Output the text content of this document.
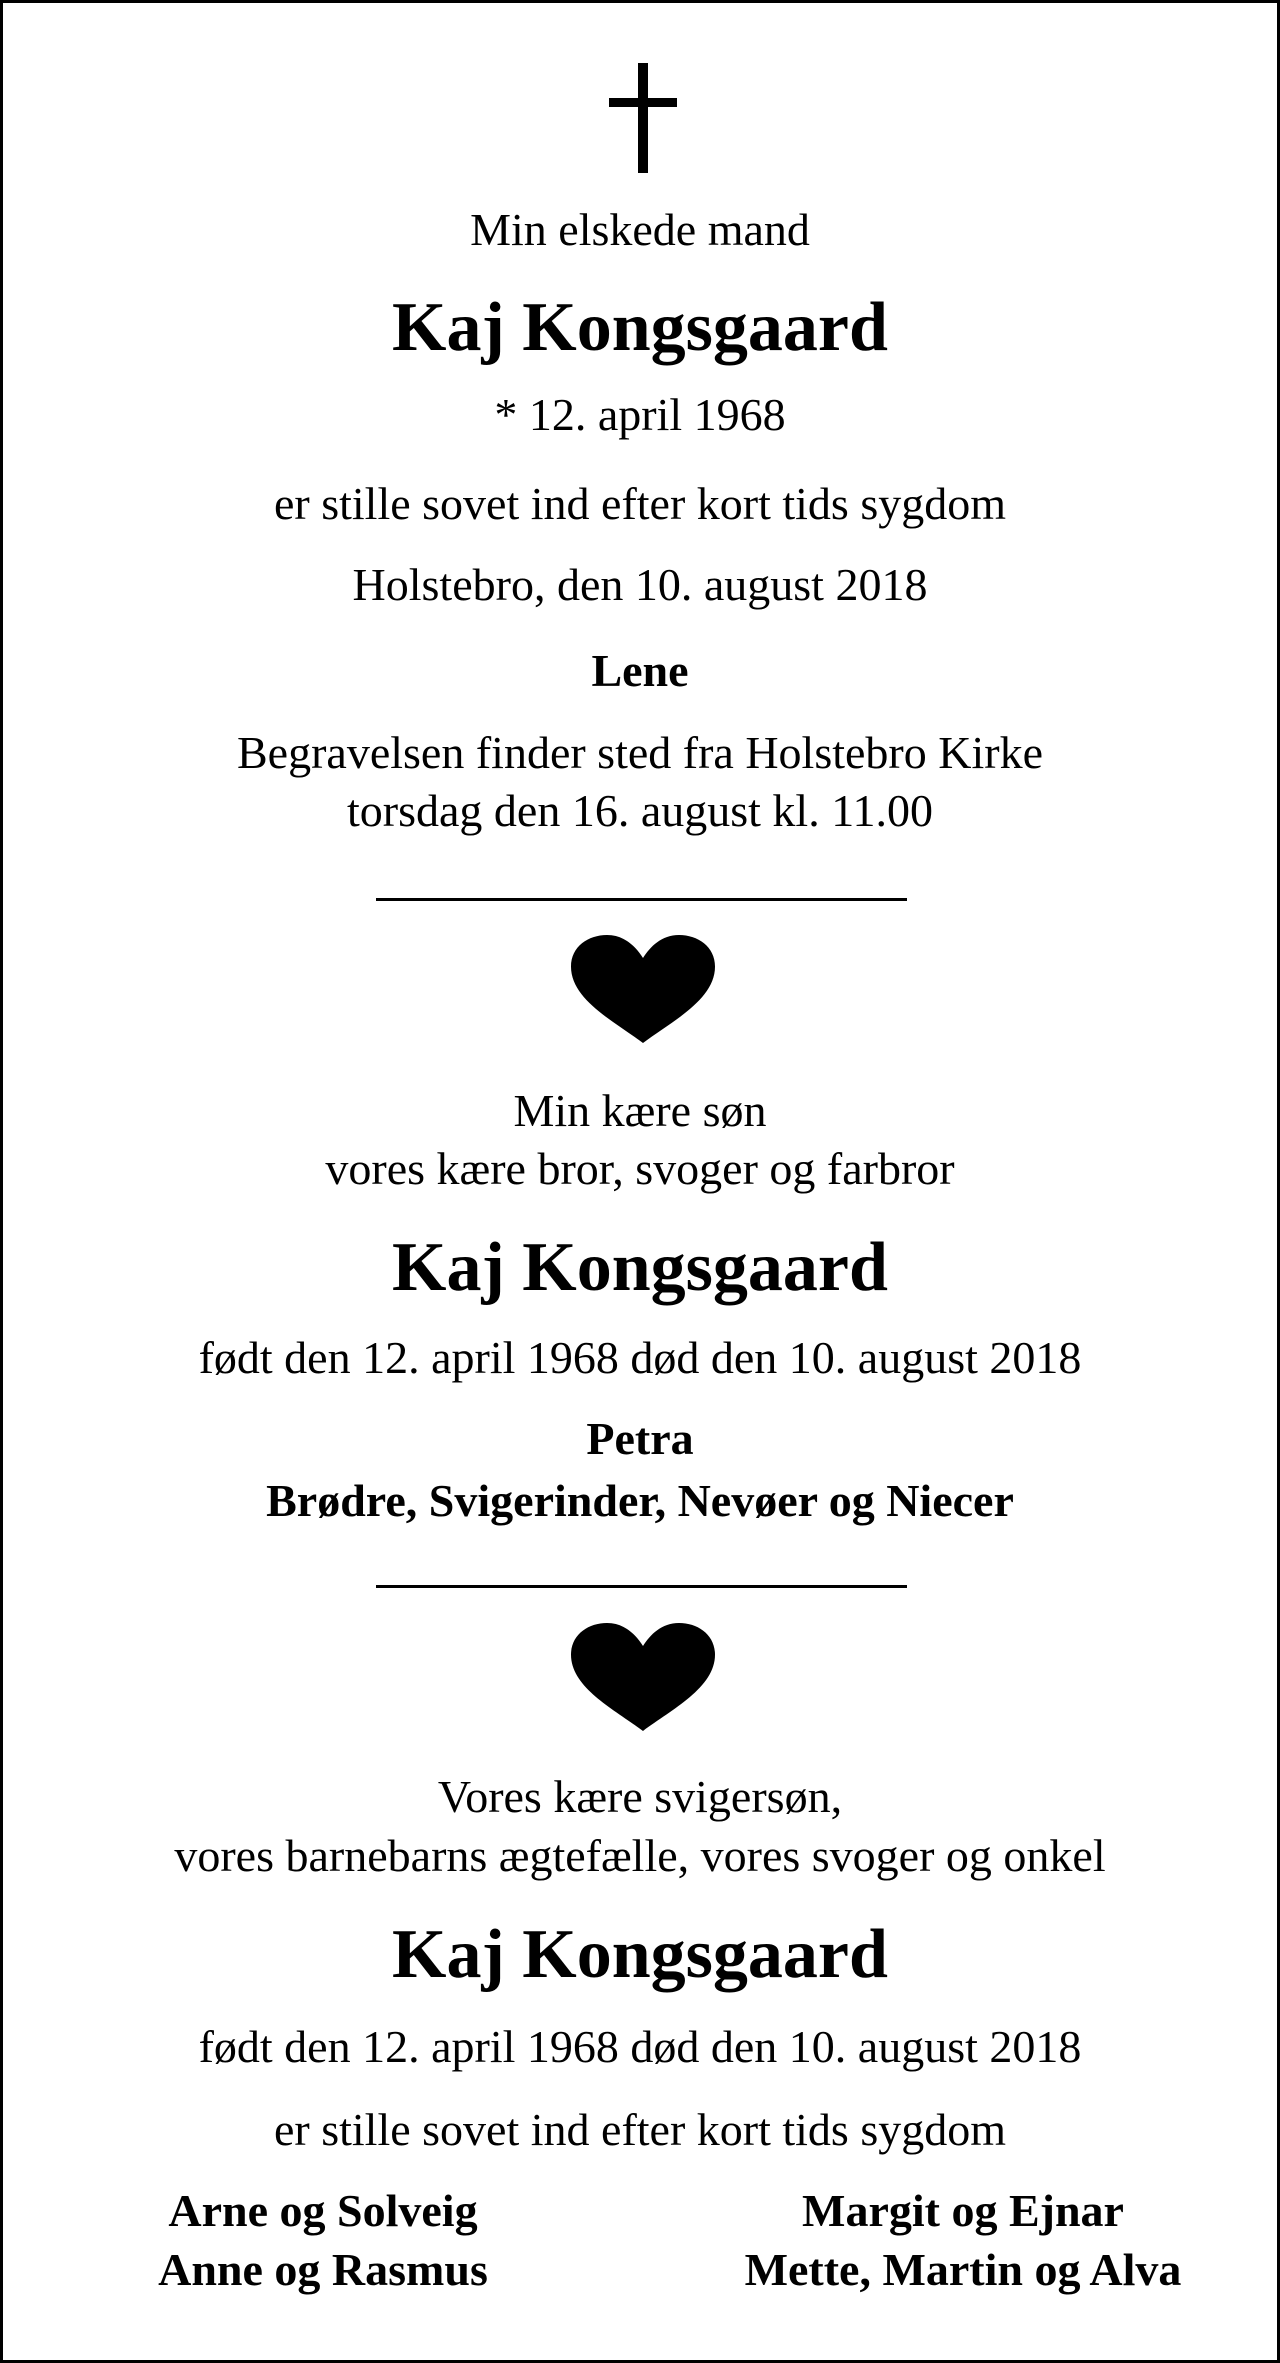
Min elskede mand
Kaj Kongsgaard
* 12. april 1968
er stille sovet ind efter kort tids sygdom
Holstebro, den 10. august 2018
Lene
Begravelsen finder sted fra Holstebro Kirke
torsdag den 16. august kl. 11.00
Min kære søn
vores kære bror, svoger og farbror
Kaj Kongsgaard
født den 12. april 1968 død den 10. august 2018
Petra
Brødre, Svigerinder, Nevøer og Niecer
Vores kære svigersøn,
vores barnebarns ægtefælle, vores svoger og onkel
Kaj Kongsgaard
født den 12. april 1968 død den 10. august 2018
er stille sovet ind efter kort tids sygdom
Arne og Solveig
Anne og Rasmus
Margit og Ejnar
Mette, Martin og Alva
